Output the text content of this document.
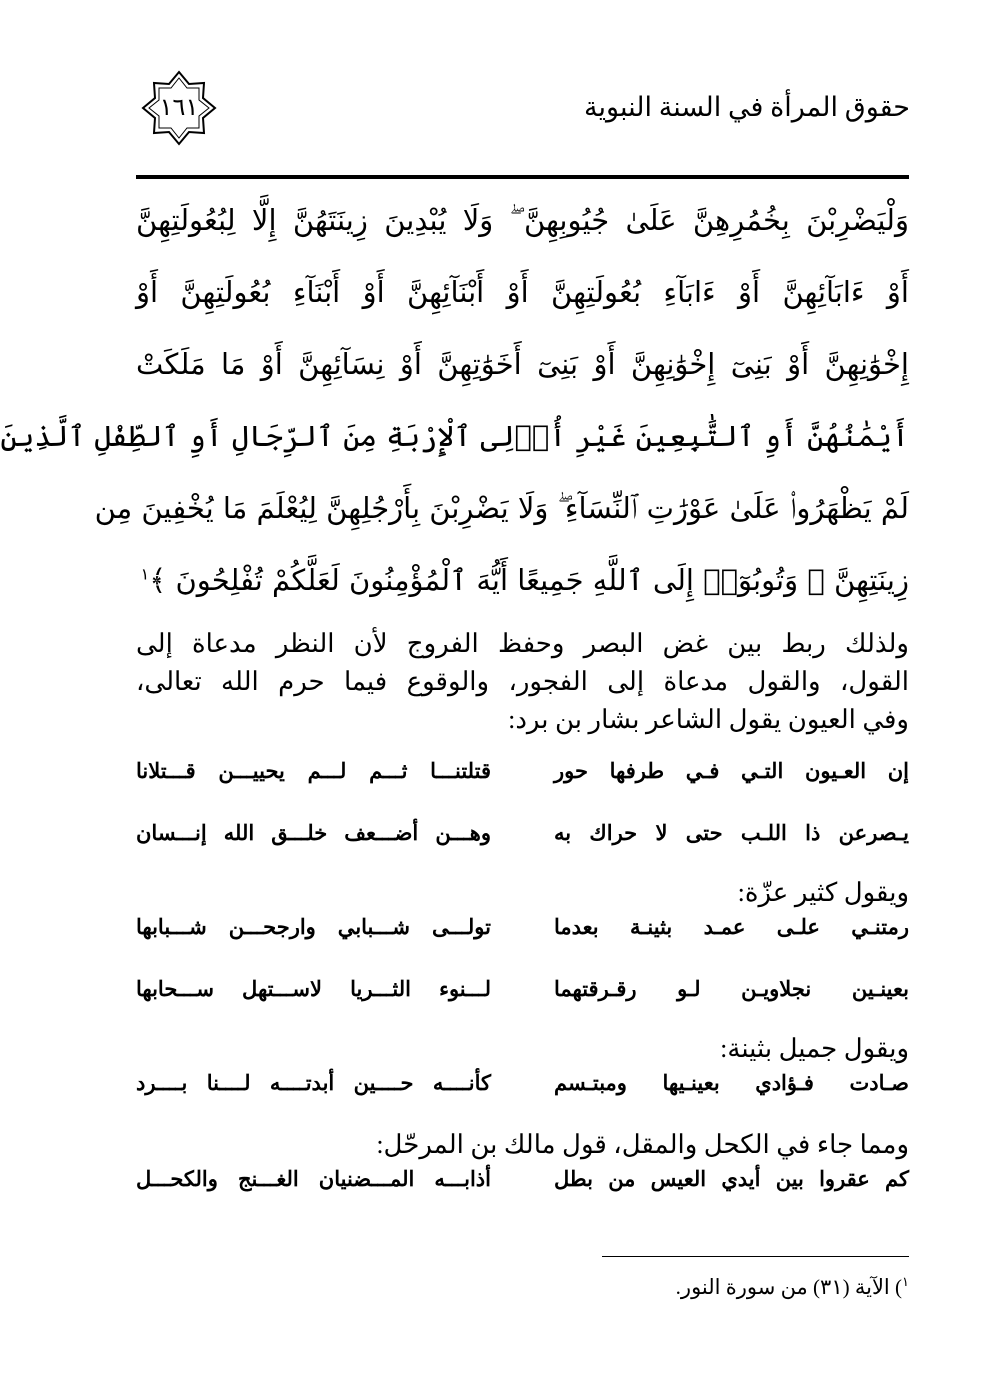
حقوق المرأة في السنة النبوية
١٦١
وَلْيَضْرِبْنَ بِخُمُرِهِنَّ عَلَىٰ جُيُوبِهِنَّ ۖ وَلَا يُبْدِينَ زِينَتَهُنَّ إِلَّا لِبُعُولَتِهِنَّ
أَوْ ءَابَآئِهِنَّ أَوْ ءَابَآءِ بُعُولَتِهِنَّ أَوْ أَبْنَآئِهِنَّ أَوْ أَبْنَآءِ بُعُولَتِهِنَّ أَوْ
إِخْوَٰنِهِنَّ أَوْ بَنِىٓ إِخْوَٰنِهِنَّ أَوْ بَنِىٓ أَخَوَٰتِهِنَّ أَوْ نِسَآئِهِنَّ أَوْ مَا مَلَكَتْ
أَيْمَٰنُهُنَّ أَوِ ٱلتَّٰبِعِينَ غَيْرِ أُو۟لِى ٱلْإِرْبَةِ مِنَ ٱلرِّجَالِ أَوِ ٱلطِّفْلِ ٱلَّذِينَ
لَمْ يَظْهَرُوا۟ عَلَىٰ عَوْرَٰتِ ٱلنِّسَآءِ ۖ وَلَا يَضْرِبْنَ بِأَرْجُلِهِنَّ لِيُعْلَمَ مَا يُخْفِينَ مِن
زِينَتِهِنَّ ۚ وَتُوبُوٓا۟ إِلَى ٱللَّهِ جَمِيعًا أَيُّهَ ٱلْمُؤْمِنُونَ لَعَلَّكُمْ تُفْلِحُونَ ﴾$^١$
ولذلك ربط بين غض البصر وحفظ الفروج لأن النظر مدعاة إلى
القول، والقول مدعاة إلى الفجور، والوقوع فيما حرم الله تعالى،
وفي العيون يقول الشاعر بشار بن برد:
إن العـيون التـي فـي طرفها حور
قتلتنـــا ثـــم لـــم يحييـــن قـــتلانا
يـصرعن ذا اللـب حتى لا حراك به
وهـــن أضـــعف خلـــق الله إنـــسان
ويقول كثير عزّة:
رمتنـي علـى عمـد بثينـة بعدما
تولـــى شـــبابي وارجحـــن شـــبابها
بعينـين نجلاويـن لـو رقـرقتهما
لـــنوء الثـــريا لاســـتهل ســـحابها
ويقول جميل بثينة:
صـادت فـؤادي بعينـيها ومبتـسم
كأنــــه حــــين أبدتــــه لــــنا بــــرد
ومما جاء في الكحل والمقل، قول مالك بن المرحّل:
كم عقروا بين أيدي العيس من بطل
أذابـــه المـــضنيان الغـــنج والكحـــل
$^١$) الآية (٣١) من سورة النور.
